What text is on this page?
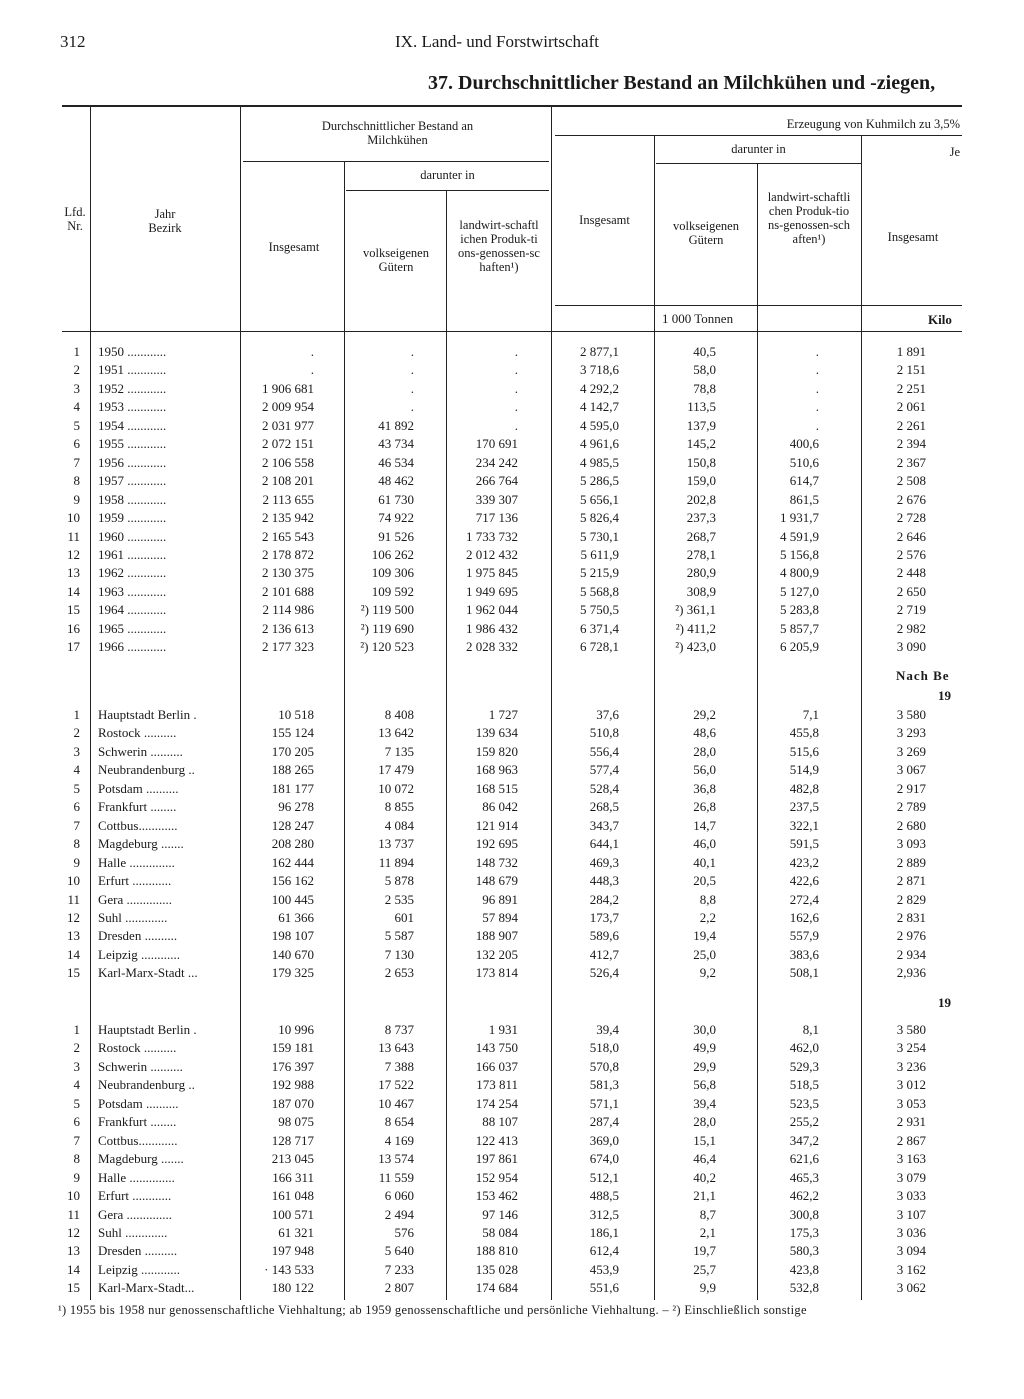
312	IX. Land- und Forstwirtschaft
37. Durchschnittlicher Bestand an Milchkühen und -ziegen,
Lfd. Nr.
Jahr Bezirk
Durchschnittlicher Bestand an Milchkühen
Erzeugung von Kuhmilch zu 3,5%
darunter in
darunter in	Je
Insgesamt	volkseigenen Gütern
landwirt-schaftlichen Produk-tions-genossen-schaften¹)
Insgesamt	volkseigenen Gütern
landwirt-schaftlichen Produk-tions-genossen-schaften¹)	Insgesamt
1 000 Tonnen	Kilo
Nach Be
19
19
1 1950 ............	.	.	.	2 877,1	40,5	.	1 891
2 1951 ............	.	.	.	3 718,6	58,0	.	2 151
3 1952 ............	1 906 681	.	.	4 292,2	78,8	.	2 251
4 1953 ............	2 009 954	.	.	4 142,7	113,5	.	2 061
5 1954 ............	2 031 977	41 892	.	4 595,0	137,9	.	2 261
6 1955 ............	2 072 151	43 734	170 691	4 961,6	145,2	400,6	2 394
7 1956 ............	2 106 558	46 534	234 242	4 985,5	150,8	510,6	2 367
8 1957 ............	2 108 201	48 462	266 764	5 286,5	159,0	614,7	2 508
9 1958 ............	2 113 655	61 730	339 307	5 656,1	202,8	861,5	2 676
10 1959 ............	2 135 942	74 922	717 136	5 826,4	237,3	1 931,7	2 728
11 1960 ............	2 165 543	91 526	1 733 732	5 730,1	268,7	4 591,9	2 646
12 1961 ............	2 178 872	106 262	2 012 432	5 611,9	278,1	5 156,8	2 576
13 1962 ............	2 130 375	109 306	1 975 845	5 215,9	280,9	4 800,9	2 448
14 1963 ............	2 101 688	109 592	1 949 695	5 568,8	308,9	5 127,0	2 650
15 1964 ............	2 114 986	²) 119 500	1 962 044	5 750,5	²) 361,1	5 283,8	2 719
16 1965 ............	2 136 613	²) 119 690	1 986 432	6 371,4	²) 411,2	5 857,7	2 982
17 1966 ............	2 177 323	²) 120 523	2 028 332	6 728,1	²) 423,0	6 205,9	3 090
1 Hauptstadt Berlin .	10 518	8 408	1 727	37,6	29,2	7,1	3 580
2 Rostock ..........	155 124	13 642	139 634	510,8	48,6	455,8	3 293
3 Schwerin ..........	170 205	7 135	159 820	556,4	28,0	515,6	3 269
4 Neubrandenburg ..	188 265	17 479	168 963	577,4	56,0	514,9	3 067
5 Potsdam ..........	181 177	10 072	168 515	528,4	36,8	482,8	2 917
6 Frankfurt ........	96 278	8 855	86 042	268,5	26,8	237,5	2 789
7 Cottbus............	128 247	4 084	121 914	343,7	14,7	322,1	2 680
8 Magdeburg .......	208 280	13 737	192 695	644,1	46,0	591,5	3 093
9 Halle ..............	162 444	11 894	148 732	469,3	40,1	423,2	2 889
10 Erfurt ............	156 162	5 878	148 679	448,3	20,5	422,6	2 871
11 Gera ..............	100 445	2 535	96 891	284,2	8,8	272,4	2 829
12 Suhl .............	61 366	601	57 894	173,7	2,2	162,6	2 831
13 Dresden ..........	198 107	5 587	188 907	589,6	19,4	557,9	2 976
14 Leipzig ............	140 670	7 130	132 205	412,7	25,0	383,6	2 934
15 Karl-Marx-Stadt ...	179 325	2 653	173 814	526,4	9,2	508,1	2,936
1 Hauptstadt Berlin .	10 996	8 737	1 931	39,4	30,0	8,1	3 580
2 Rostock ..........	159 181	13 643	143 750	518,0	49,9	462,0	3 254
3 Schwerin ..........	176 397	7 388	166 037	570,8	29,9	529,3	3 236
4 Neubrandenburg ..	192 988	17 522	173 811	581,3	56,8	518,5	3 012
5 Potsdam ..........	187 070	10 467	174 254	571,1	39,4	523,5	3 053
6 Frankfurt ........	98 075	8 654	88 107	287,4	28,0	255,2	2 931
7 Cottbus............	128 717	4 169	122 413	369,0	15,1	347,2	2 867
8 Magdeburg .......	213 045	13 574	197 861	674,0	46,4	621,6	3 163
9 Halle ..............	166 311	11 559	152 954	512,1	40,2	465,3	3 079
10 Erfurt ............	161 048	6 060	153 462	488,5	21,1	462,2	3 033
11 Gera ..............	100 571	2 494	97 146	312,5	8,7	300,8	3 107
12 Suhl .............	61 321	576	58 084	186,1	2,1	175,3	3 036
13 Dresden ..........	197 948	5 640	188 810	612,4	19,7	580,3	3 094
14 Leipzig ............	· 143 533	7 233	135 028	453,9	25,7	423,8	3 162
15 Karl-Marx-Stadt...	180 122	2 807	174 684	551,6	9,9	532,8	3 062
¹) 1955 bis 1958 nur genossenschaftliche Viehhaltung; ab 1959 genossenschaftliche und persönliche Viehhaltung. – ²) Einschließlich sonstige
